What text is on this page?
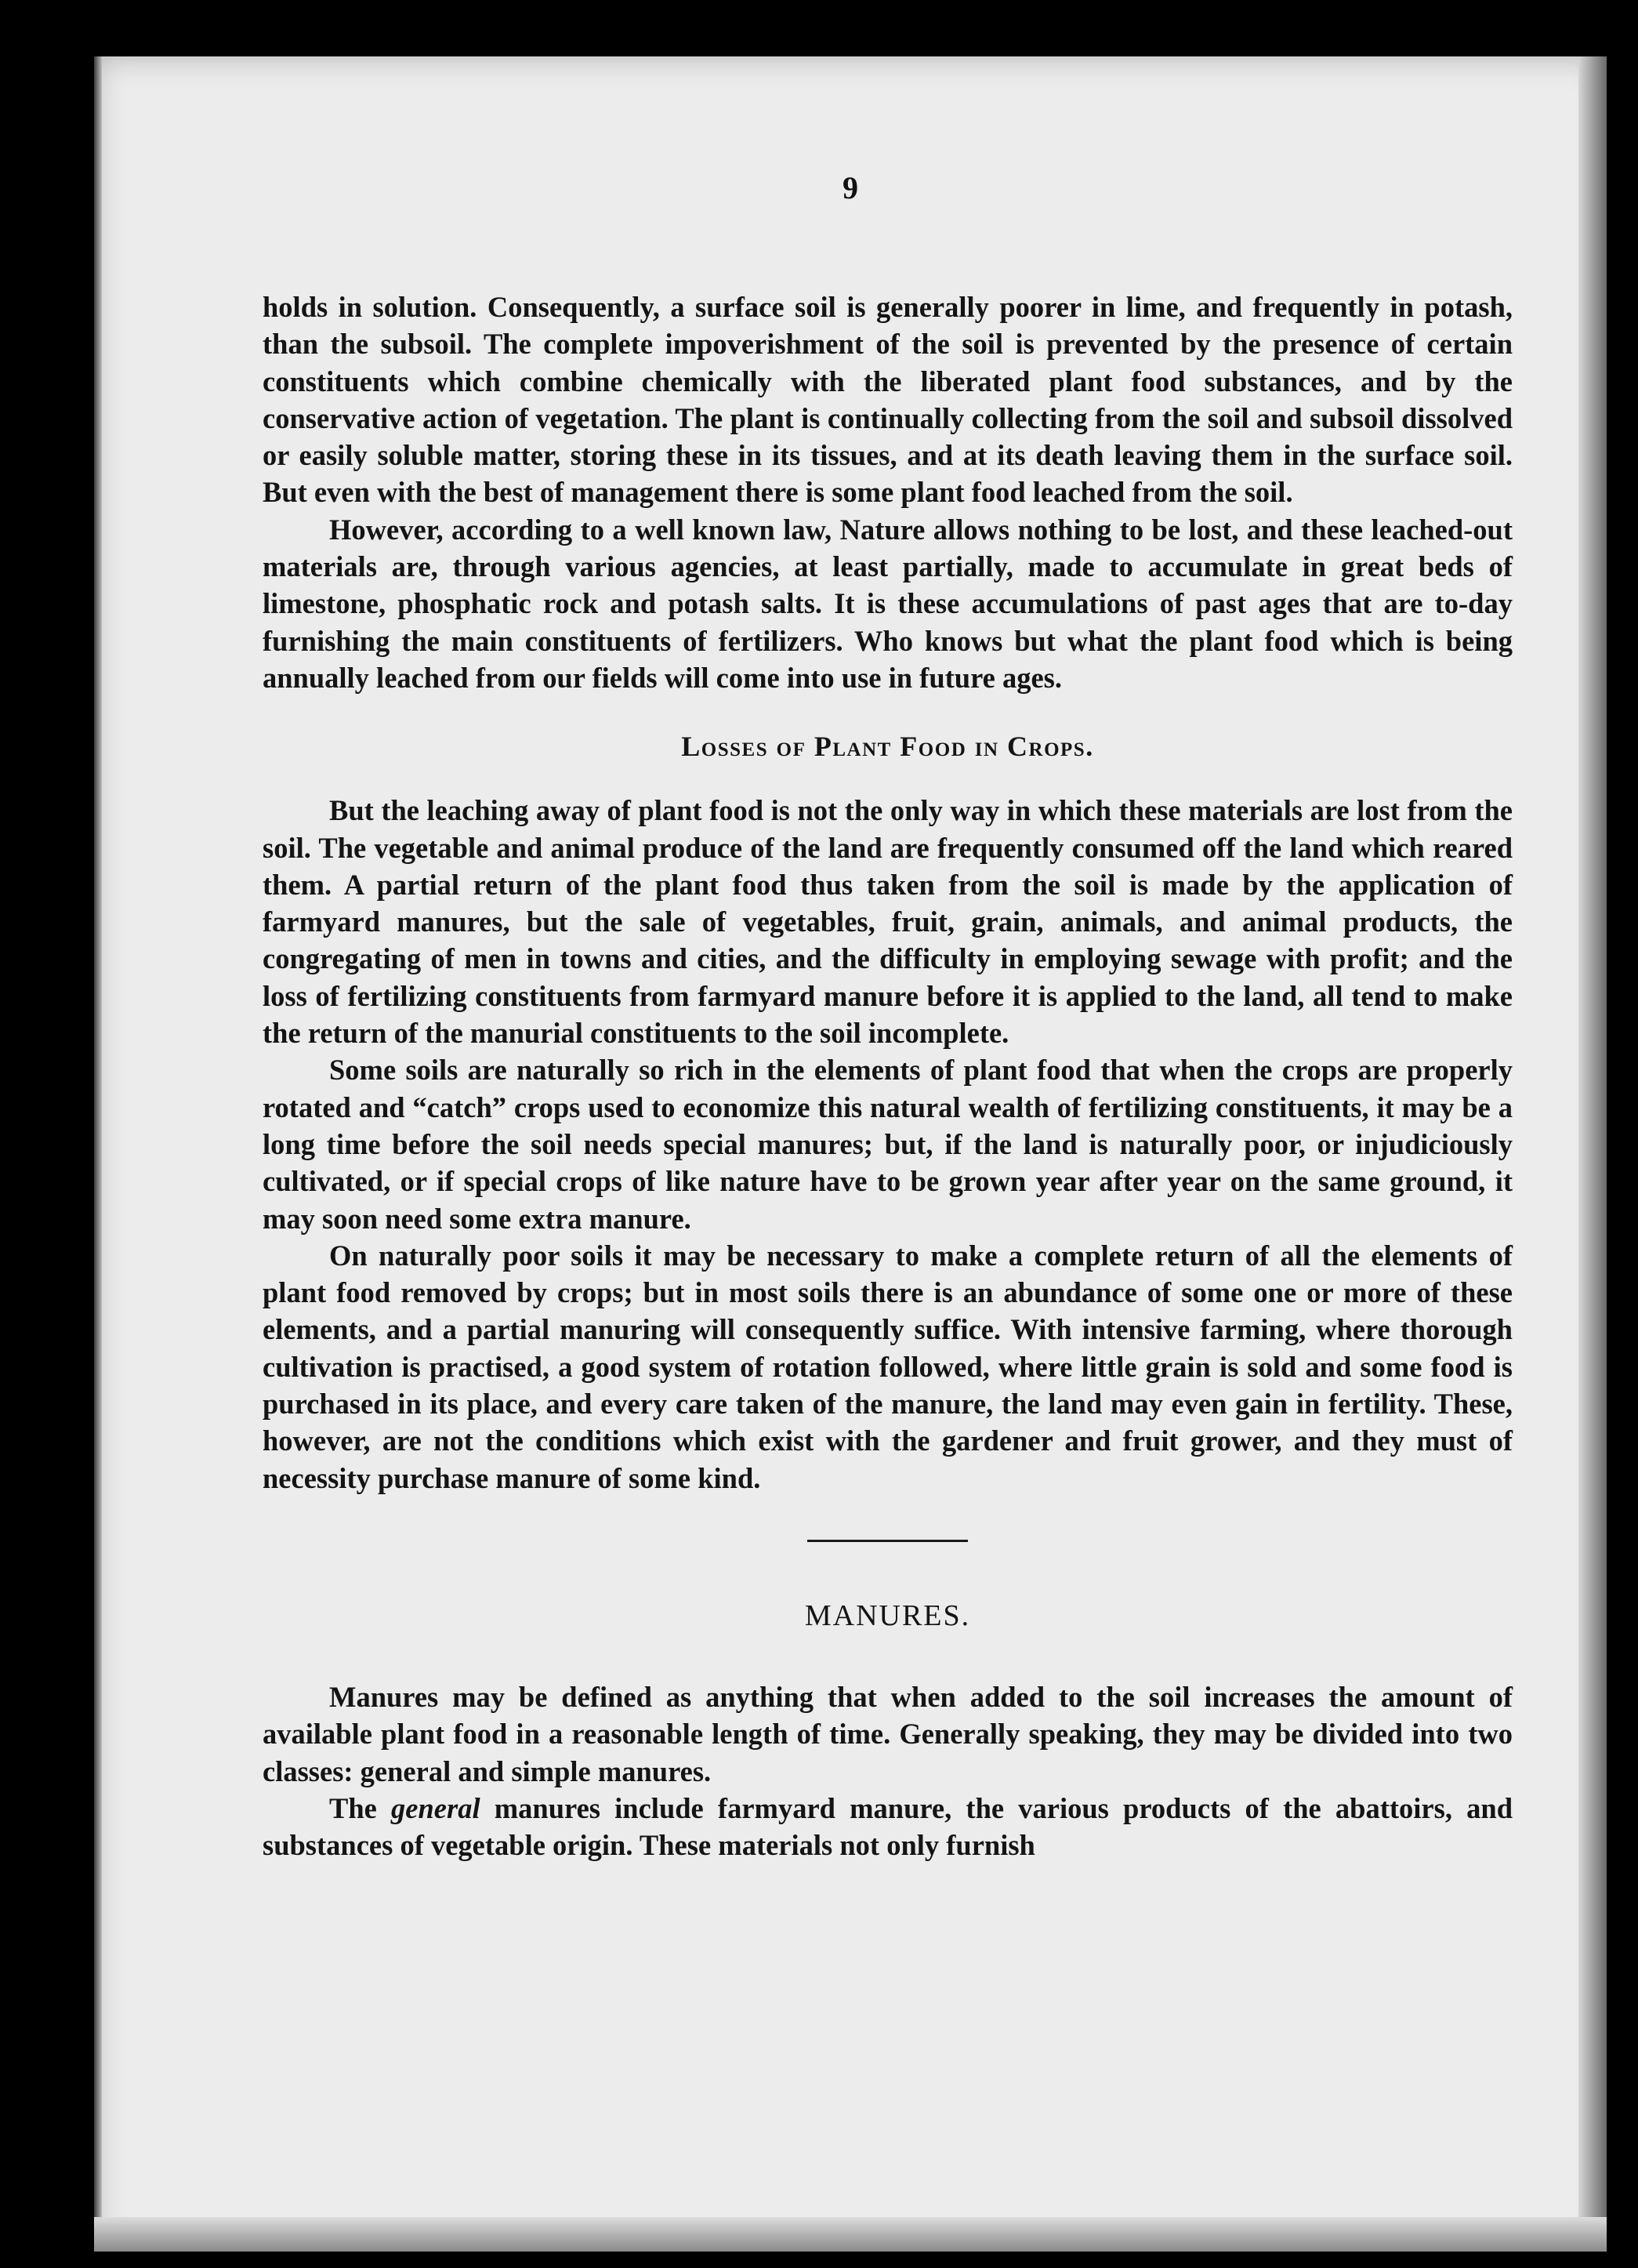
9

holds in solution. Consequently, a surface soil is generally poorer in lime, and frequently in potash, than the subsoil. The complete impoverishment of the soil is prevented by the presence of certain constituents which combine chemically with the liberated plant food substances, and by the conservative action of vegetation. The plant is continually collecting from the soil and subsoil dissolved or easily soluble matter, storing these in its tissues, and at its death leaving them in the surface soil. But even with the best of management there is some plant food leached from the soil.

However, according to a well known law, Nature allows nothing to be lost, and these leached-out materials are, through various agencies, at least partially, made to accumulate in great beds of limestone, phosphatic rock and potash salts. It is these accumulations of past ages that are to-day furnishing the main constituents of fertilizers. Who knows but what the plant food which is being annually leached from our fields will come into use in future ages.

Losses of Plant Food in Crops.

But the leaching away of plant food is not the only way in which these materials are lost from the soil. The vegetable and animal produce of the land are frequently consumed off the land which reared them. A partial return of the plant food thus taken from the soil is made by the application of farmyard manures, but the sale of vegetables, fruit, grain, animals, and animal products, the congregating of men in towns and cities, and the difficulty in employing sewage with profit; and the loss of fertilizing constituents from farmyard manure before it is applied to the land, all tend to make the return of the manurial constituents to the soil incomplete.

Some soils are naturally so rich in the elements of plant food that when the crops are properly rotated and “catch” crops used to economize this natural wealth of fertilizing constituents, it may be a long time before the soil needs special manures; but, if the land is naturally poor, or injudiciously cultivated, or if special crops of like nature have to be grown year after year on the same ground, it may soon need some extra manure.

On naturally poor soils it may be necessary to make a complete return of all the elements of plant food removed by crops; but in most soils there is an abundance of some one or more of these elements, and a partial manuring will consequently suffice. With intensive farming, where thorough cultivation is practised, a good system of rotation followed, where little grain is sold and some food is purchased in its place, and every care taken of the manure, the land may even gain in fertility. These, however, are not the conditions which exist with the gardener and fruit grower, and they must of necessity purchase manure of some kind.

MANURES.

Manures may be defined as anything that when added to the soil increases the amount of available plant food in a reasonable length of time. Generally speaking, they may be divided into two classes: general and simple manures.

The general manures include farmyard manure, the various products of the abattoirs, and substances of vegetable origin. These materials not only furnish
